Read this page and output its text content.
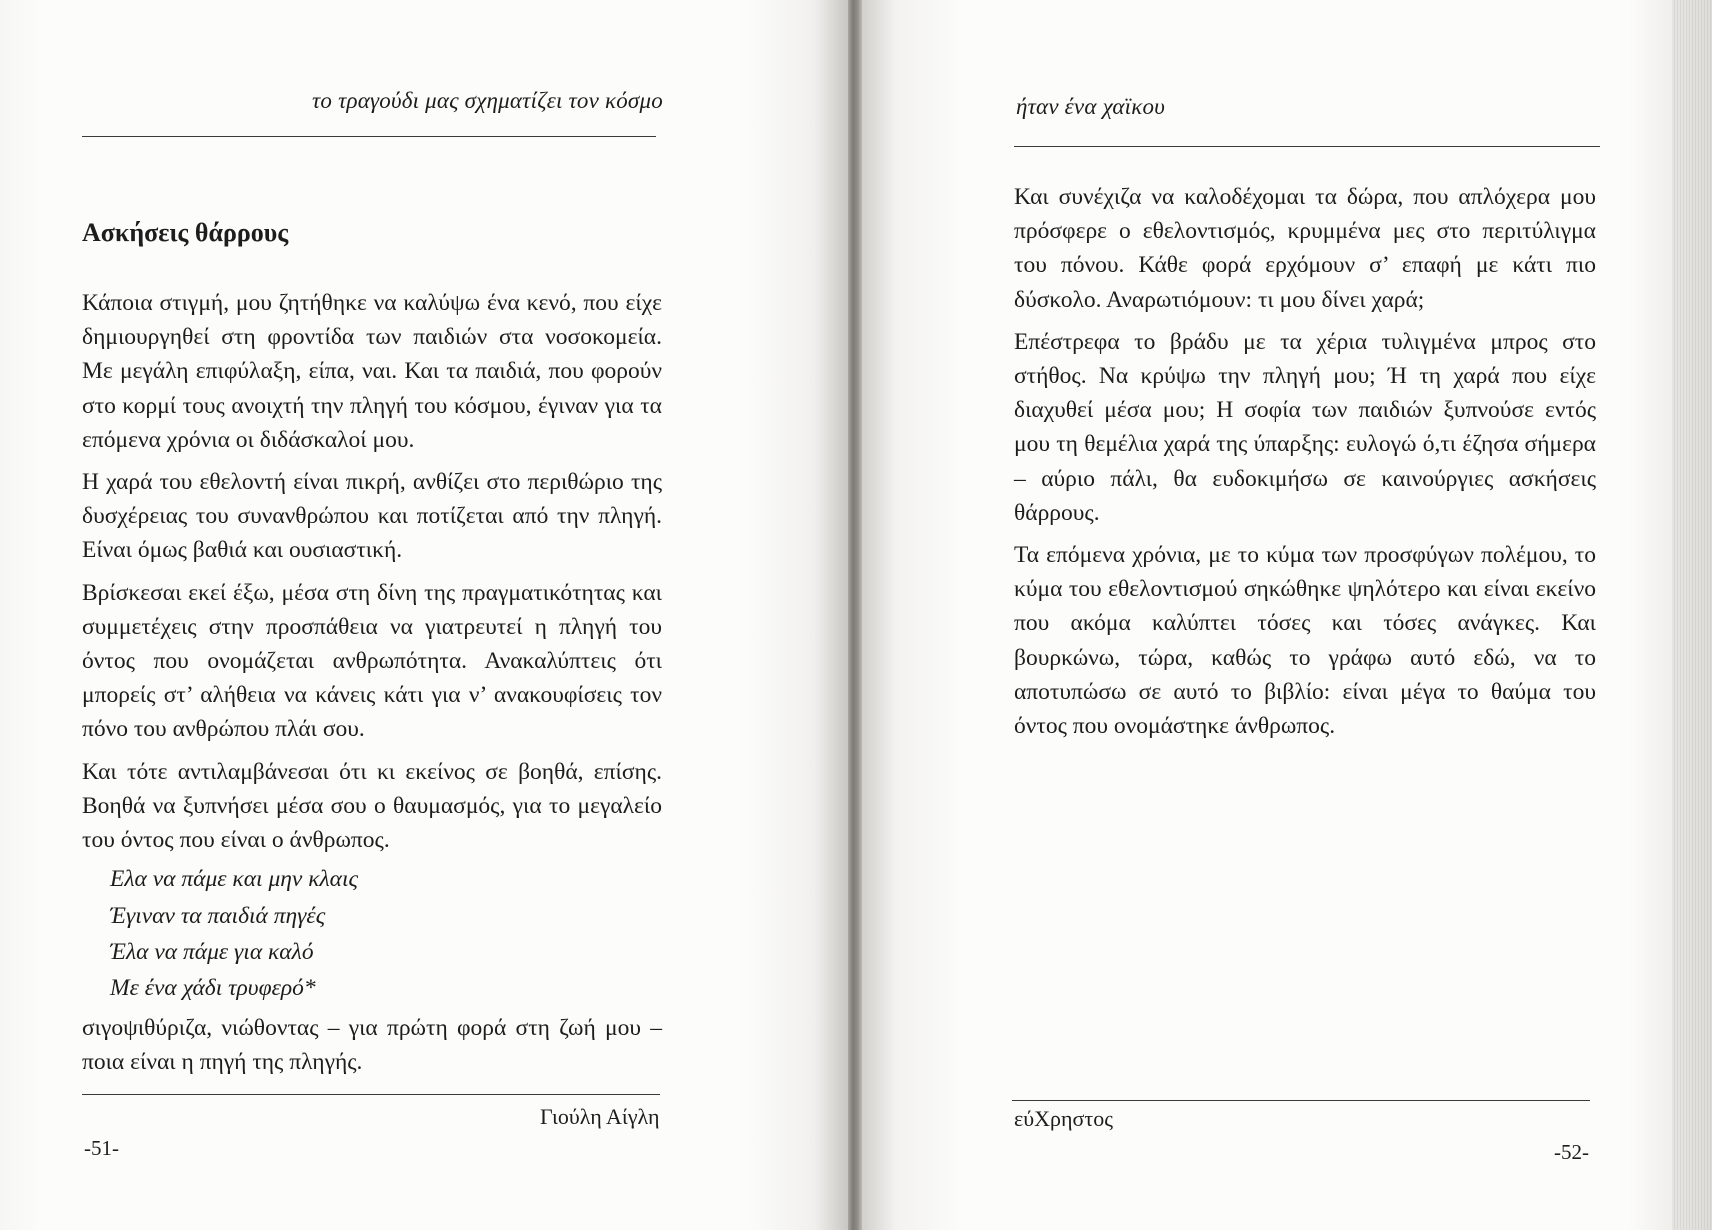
το τραγούδι μας σχηματίζει τον κόσμο
Ασκήσεις θάρρους

Κάποια στιγμή, μου ζητήθηκε να καλύψω ένα κενό, που είχε δημιουργηθεί στη φροντίδα των παιδιών στα νοσοκομεία. Με μεγάλη επιφύλαξη, είπα, ναι. Και τα παιδιά, που φορούν στο κορμί τους ανοιχτή την πληγή του κόσμου, έγιναν για τα επόμενα χρόνια οι διδάσκαλοί μου.

Η χαρά του εθελοντή είναι πικρή, ανθίζει στο περιθώριο της δυσχέρειας του συνανθρώπου και ποτίζεται από την πληγή. Είναι όμως βαθιά και ουσιαστική.

Βρίσκεσαι εκεί έξω, μέσα στη δίνη της πραγματικότητας και συμμετέχεις στην προσπάθεια να γιατρευτεί η πληγή του όντος που ονομάζεται ανθρωπότητα. Ανακαλύπτεις ότι μπορείς στ’ αλήθεια να κάνεις κάτι για ν’ ανακουφίσεις τον πόνο του ανθρώπου πλάι σου.

Και τότε αντιλαμβάνεσαι ότι κι εκείνος σε βοηθά, επίσης. Βοηθά να ξυπνήσει μέσα σου ο θαυμασμός, για το μεγαλείο του όντος που είναι ο άνθρωπος.

Ελα να πάμε και μην κλαις
Έγιναν τα παιδιά πηγές
Έλα να πάμε για καλό
Με ένα χάδι τρυφερό*

σιγοψιθύριζα, νιώθοντας – για πρώτη φορά στη ζωή μου – ποια είναι η πηγή της πληγής.

Γιούλη Αίγλη
-51-
ήταν ένα χαϊκου

Και συνέχιζα να καλοδέχομαι τα δώρα, που απλόχερα μου πρόσφερε ο εθελοντισμός, κρυμμένα μες στο περιτύλιγμα του πόνου. Κάθε φορά ερχόμουν σ’ επαφή με κάτι πιο δύσκολο. Αναρωτιόμουν: τι μου δίνει χαρά;

Επέστρεφα το βράδυ με τα χέρια τυλιγμένα μπρος στο στήθος. Να κρύψω την πληγή μου; Ή τη χαρά που είχε διαχυθεί μέσα μου; Η σοφία των παιδιών ξυπνούσε εντός μου τη θεμέλια χαρά της ύπαρξης: ευλογώ ό,τι έζησα σήμερα – αύριο πάλι, θα ευδοκιμήσω σε καινούργιες ασκήσεις θάρρους.

Τα επόμενα χρόνια, με το κύμα των προσφύγων πολέμου, το κύμα του εθελοντισμού σηκώθηκε ψηλότερο και είναι εκείνο που ακόμα καλύπτει τόσες και τόσες ανάγκες. Και βουρκώνω, τώρα, καθώς το γράφω αυτό εδώ, να το αποτυπώσω σε αυτό το βιβλίο: είναι μέγα το θαύμα του όντος που ονομάστηκε άνθρωπος.

εύΧρηστος
-52-
